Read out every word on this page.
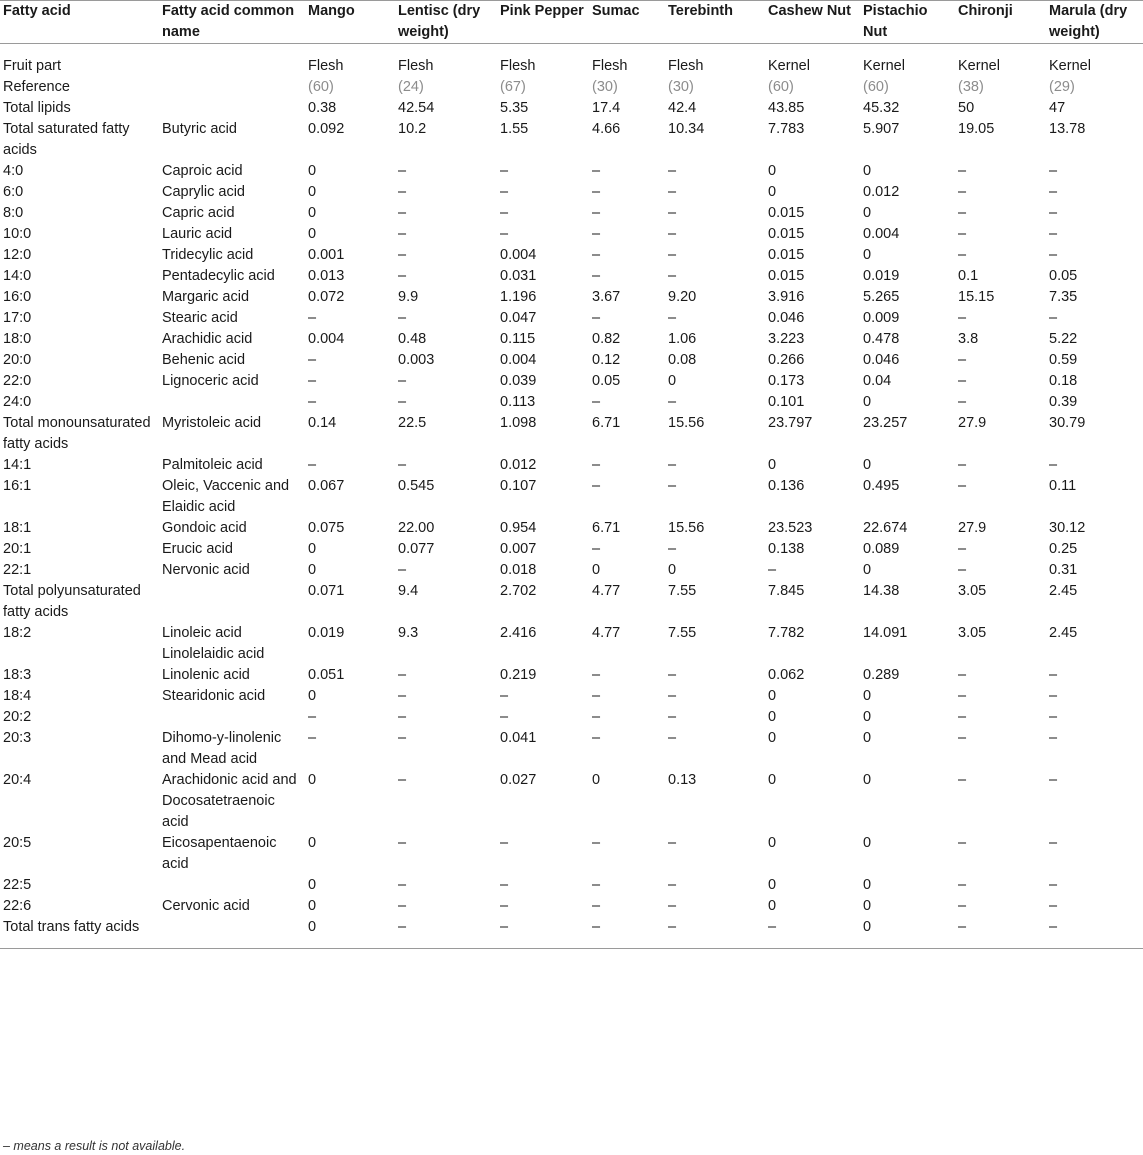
Fatty acid	Fatty acid common name	Mango	Lentisc (dry weight)	Pink Pepper	Sumac	Terebinth	Cashew Nut	Pistachio Nut	Chironji	Marula (dry weight)
Fruit part		Flesh	Flesh	Flesh	Flesh	Flesh	Kernel	Kernel	Kernel	Kernel
Reference		(60)	(24)	(67)	(30)	(30)	(60)	(60)	(38)	(29)
Total lipids		0.38	42.54	5.35	17.4	42.4	43.85	45.32	50	47
Total saturated fatty acids	Butyric acid	0.092	10.2	1.55	4.66	10.34	7.783	5.907	19.05	13.78
4:0	Caproic acid	0	–	–	–	–	0	0	–	–
6:0	Caprylic acid	0	–	–	–	–	0	0.012	–	–
8:0	Capric acid	0	–	–	–	–	0.015	0	–	–
10:0	Lauric acid	0	–	–	–	–	0.015	0.004	–	–
12:0	Tridecylic acid	0.001	–	0.004	–	–	0.015	0	–	–
14:0	Pentadecylic acid	0.013	–	0.031	–	–	0.015	0.019	0.1	0.05
16:0	Margaric acid	0.072	9.9	1.196	3.67	9.20	3.916	5.265	15.15	7.35
17:0	Stearic acid	–	–	0.047	–	–	0.046	0.009	–	–
18:0	Arachidic acid	0.004	0.48	0.115	0.82	1.06	3.223	0.478	3.8	5.22
20:0	Behenic acid	–	0.003	0.004	0.12	0.08	0.266	0.046	–	0.59
22:0	Lignoceric acid	–	–	0.039	0.05	0	0.173	0.04	–	0.18
24:0		–	–	0.113	–	–	0.101	0	–	0.39
Total monounsaturated fatty acids	Myristoleic acid	0.14	22.5	1.098	6.71	15.56	23.797	23.257	27.9	30.79
14:1	Palmitoleic acid	–	–	0.012	–	–	0	0	–	–
16:1	Oleic, Vaccenic and Elaidic acid	0.067	0.545	0.107	–	–	0.136	0.495	–	0.11
18:1	Gondoic acid	0.075	22.00	0.954	6.71	15.56	23.523	22.674	27.9	30.12
20:1	Erucic acid	0	0.077	0.007	–	–	0.138	0.089	–	0.25
22:1	Nervonic acid	0	–	0.018	0	0	–	0	–	0.31
Total polyunsaturated fatty acids		0.071	9.4	2.702	4.77	7.55	7.845	14.38	3.05	2.45
18:2	Linoleic acid Linolelaidic acid	0.019	9.3	2.416	4.77	7.55	7.782	14.091	3.05	2.45
18:3	Linolenic acid	0.051	–	0.219	–	–	0.062	0.289	–	–
18:4	Stearidonic acid	0	–	–	–	–	0	0	–	–
20:2		–	–	–	–	–	0	0	–	–
20:3	Dihomo-y-linolenic and Mead acid	–	–	0.041	–	–	0	0	–	–
20:4	Arachidonic acid and Docosatetraenoic acid	0	–	0.027	0	0.13	0	0	–	–
20:5	Eicosapentaenoic acid	0	–	–	–	–	0	0	–	–
22:5		0	–	–	–	–	0	0	–	–
22:6	Cervonic acid	0	–	–	–	–	0	0	–	–
Total trans fatty acids		0	–	–	–	–	–	0	–	–
– means a result is not available.
